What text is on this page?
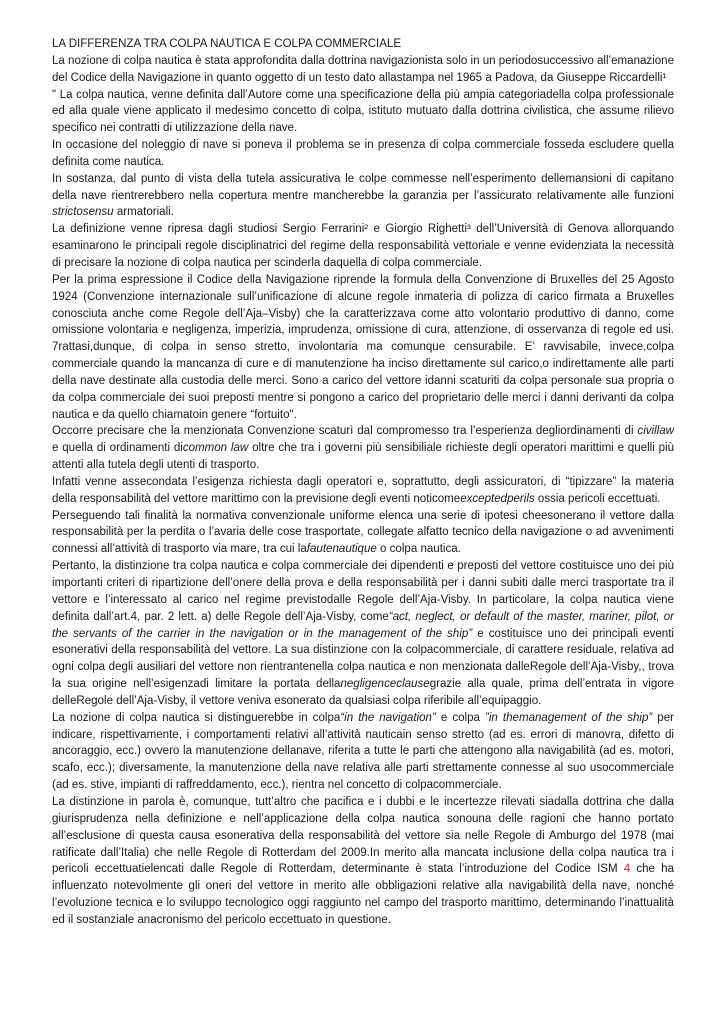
LA DIFFERENZA TRA COLPA NAUTICA E COLPA COMMERCIALE

La nozione di colpa nautica è stata approfondita dalla dottrina navigazionista solo in un periodosuccessivo all’emanazione del Codice della Navigazione in quanto oggetto di un testo dato allastampa nel 1965 a Padova, da Giuseppe Riccardelli¹

" La colpa nautica, venne definita dall’Autore come una specificazione della più ampia categoriadella colpa professionale ed alla quale viene applicato il medesimo concetto di colpa, istituto mutuato dalla dottrina civilistica, che assume rilievo specifico nei contratti di utilizzazione della nave.

In occasione del noleggio di nave si poneva il problema se in presenza di colpa commerciale fosseda escludere quella definita come nautica.

In sostanza, dal punto di vista della tutela assicurativa le colpe commesse nell’esperimento dellemansioni di capitano della nave rientrerebbero nella copertura mentre mancherebbe la garanzia per l’assicurato relativamente alle funzioni strictosensu armatoriali.

La definizione venne ripresa dagli studiosi Sergio Ferrarini² e Giorgio Righetti³ dell’Università di Genova allorquando esaminarono le principali regole disciplinatrici del regime della responsabilità vettoriale e venne evidenziata la necessità di precisare la nozione di colpa nautica per scinderla daquella di colpa commerciale.

Per la prima espressione il Codice della Navigazione riprende la formula della Convenzione di Bruxelles del 25 Agosto 1924 (Convenzione internazionale sull’unificazione di alcune regole inmateria di polizza di carico firmata a Bruxelles conosciuta anche come Regole dell’Aja–Visby) che la caratterizzava come atto volontario produttivo di danno, come omissione volontaria e negligenza, imperizia, imprudenza, omissione di cura, attenzione, di osservanza di regole ed usi. 7rattasi,dunque, di colpa in senso stretto, involontaria ma comunque censurabile. E’ ravvisabile, invece,colpa commerciale quando la mancanza di cure e di manutenzione ha inciso direttamente sul carico,o indirettamente alle parti della nave destinate alla custodia delle merci. Sono a carico del vettore idanni scaturiti da colpa personale sua propria o da colpa commerciale dei suoi preposti mentre si pongono a carico del proprietario delle merci i danni derivanti da colpa nautica e da quello chiamatoin genere “fortuito".

Occorre precisare che la menzionata Convenzione scaturì dal compromesso tra l’esperienza degliordinamenti di civillaw e quella di ordinamenti dicommon law oltre che tra i governi più sensibiliale richieste degli operatori marittimi e quelli più attenti alla tutela degli utenti di trasporto.

Infatti venne assecondata l’esigenza richiesta dagli operatori e, soprattutto, degli assicuratori, di “tipizzare” la materia della responsabilità del vettore marittimo con la previsione degli eventi noticomeexceptedperils ossia pericoli eccettuati.

Perseguendo tali finalità la normativa convenzionale uniforme elenca una serie di ipotesi cheesonerano il vettore dalla responsabilità per la perdita o l’avaria delle cose trasportate, collegate alfatto tecnico della navigazione o ad avvenimenti connessi all’attività di trasporto via mare, tra cui lafautenautique o colpa nautica.

Pertanto, la distinzione tra colpa nautica e colpa commerciale dei dipendenti e preposti del vettore costituisce uno dei più importanti criteri di ripartizione dell’onere della prova e della responsabilità per i danni subiti dalle merci trasportate tra il vettore e l’interessato al carico nel regime previstodalle Regole dell’Aja-Visby. In particolare, la colpa nautica viene definita dall’art.4, par. 2 lett. a) delle Regole dell’Aja-Visby, come“act, neglect, or default of the master, mariner, pilot, or the servants of the carrier in the navigation or in the management of the ship” e costituisce uno dei principali eventi esonerativi della responsabilità del vettore. La sua distinzione con la colpacommerciale, di carattere residuale, relativa ad ogni colpa degli ausiliari del vettore non rientrantenella colpa nautica e non menzionata dalleRegole dell’Aja-Visby,, trova la sua origine nell’esigenzadi limitare la portata dellanegligenceclausegrazie alla quale, prima dell’entrata in vigore delleRegole dell’Aja-Visby, il vettore veniva esonerato da qualsiasi colpa riferibile all’equipaggio.

La nozione di colpa nautica si distinguerebbe in colpa“in the navigation” e colpa ”in themanagement of the ship” per indicare, rispettivamente, i comportamenti relativi all’attività nauticain senso stretto (ad es. errori di manovra, difetto di ancoraggio, ecc.) ovvero la manutenzione dellanave, riferita a tutte le parti che attengono alla navigabilità (ad es. motori, scafo, ecc.); diversamente, la manutenzione della nave relativa alle parti strettamente connesse al suo usocommerciale (ad es. stive, impianti di raffreddamento, ecc.), rientra nel concetto di colpacommerciale.

La distinzione in parola è, comunque, tutt’altro che pacifica e i dubbi e le incertezze rilevati siadalla dottrina che dalla giurisprudenza nella definizione e nell’applicazione della colpa nautica sonouna delle ragioni che hanno portato all’esclusione di questa causa esonerativa della responsabilità del vettore sia nelle Regole di Amburgo del 1978 (mai ratificate dall’Italia) che nelle Regole di Rotterdam del 2009.In merito alla mancata inclusione della colpa nautica tra i pericoli eccettuatielencati dalle Regole di Rotterdam, determinante è stata l’introduzione del Codice ISM 4 che ha influenzato notevolmente gli oneri del vettore in merito alle obbligazioni relative alla navigabilità della nave, nonché l’evoluzione tecnica e lo sviluppo tecnologico oggi raggiunto nel campo del trasporto marittimo, determinando l’inattualità ed il sostanziale anacronismo del pericolo eccettuato in questione.
